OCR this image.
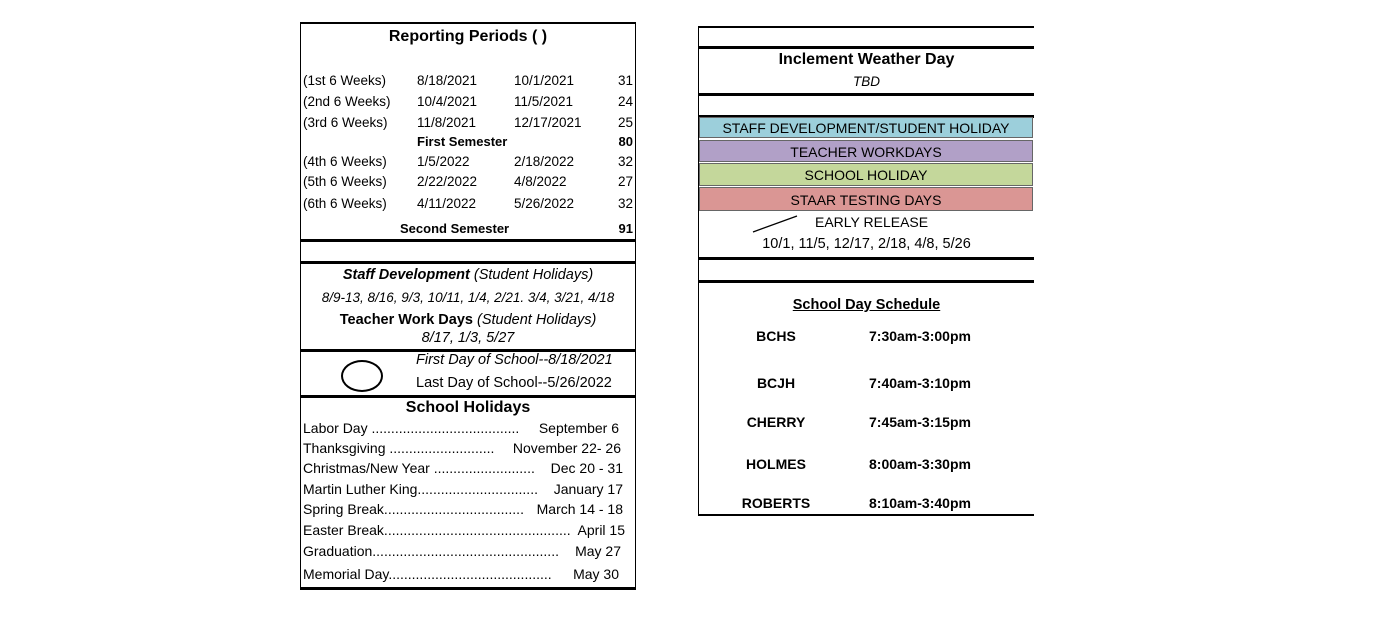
Reporting Periods ( )
(1st 6 Weeks) 8/18/2021	10/1/2021	31
(2nd 6 Weeks) 10/4/2021	11/5/2021	24
(3rd 6 Weeks) 11/8/2021	12/17/2021	25
First Semester	80
(4th 6 Weeks) 1/5/2022	2/18/2022	32
(5th 6 Weeks) 2/22/2022	4/8/2022	27
(6th 6 Weeks) 4/11/2022	5/26/2022	32
Second Semester	91
Staff Development (Student Holidays)
8/9-13, 8/16, 9/3, 10/11, 1/4, 2/21. 3/4, 3/21, 4/18
Teacher Work Days (Student Holidays)
8/17, 1/3, 5/27
First Day of School--8/18/2021
Last Day of School--5/26/2022
School Holidays
Labor Day ...................................... September 6
Thanksgiving ........................... November 22- 26
Christmas/New Year .......................... Dec 20 - 31
Martin Luther King............................... January 17
Spring Break.................................... March 14 - 18
Easter Break................................................ April 15
Graduation................................................ May 27
Memorial Day.......................................... May 30
Inclement Weather Day
TBD
STAFF DEVELOPMENT/STUDENT HOLIDAY
TEACHER WORKDAYS
SCHOOL HOLIDAY
STAAR TESTING DAYS
EARLY RELEASE
10/1, 11/5, 12/17, 2/18, 4/8, 5/26
School Day Schedule
BCHS	7:30am-3:00pm
BCJH	7:40am-3:10pm
CHERRY	7:45am-3:15pm
HOLMES	8:00am-3:30pm
ROBERTS	8:10am-3:40pm
